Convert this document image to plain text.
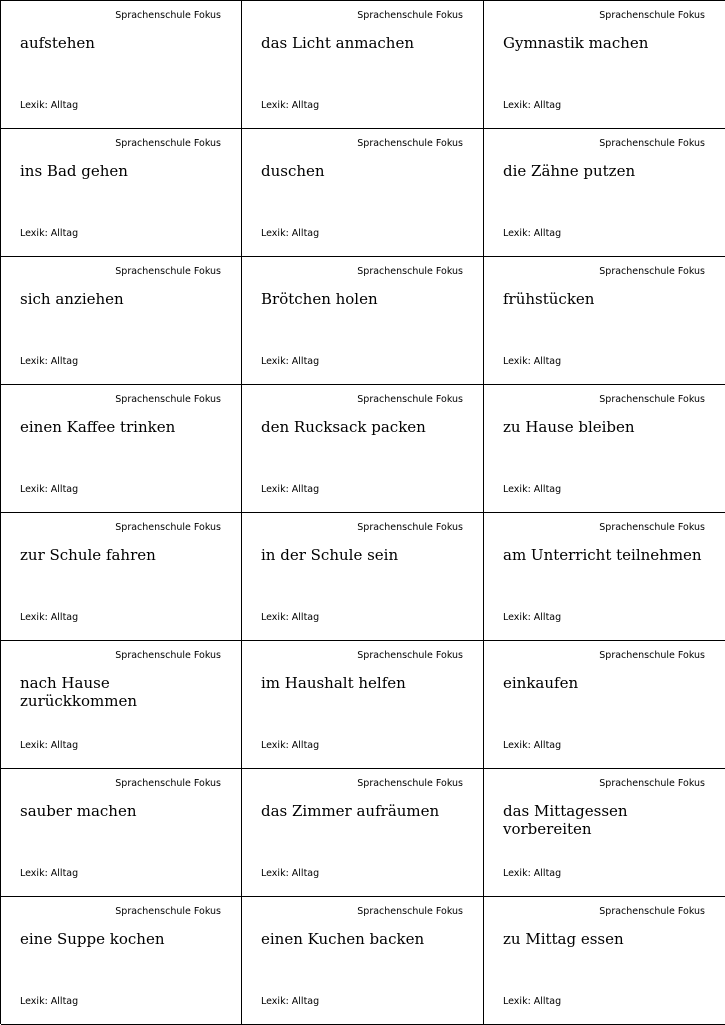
Sprachenschule Fokus
aufstehen
Lexik: Alltag
Sprachenschule Fokus
das Licht anmachen
Lexik: Alltag
Sprachenschule Fokus
Gymnastik machen
Lexik: Alltag
Sprachenschule Fokus
ins Bad gehen
Lexik: Alltag
Sprachenschule Fokus
duschen
Lexik: Alltag
Sprachenschule Fokus
die Zähne putzen
Lexik: Alltag
Sprachenschule Fokus
sich anziehen
Lexik: Alltag
Sprachenschule Fokus
Brötchen holen
Lexik: Alltag
Sprachenschule Fokus
frühstücken
Lexik: Alltag
Sprachenschule Fokus
einen Kaffee trinken
Lexik: Alltag
Sprachenschule Fokus
den Rucksack packen
Lexik: Alltag
Sprachenschule Fokus
zu Hause bleiben
Lexik: Alltag
Sprachenschule Fokus
zur Schule fahren
Lexik: Alltag
Sprachenschule Fokus
in der Schule sein
Lexik: Alltag
Sprachenschule Fokus
am Unterricht teilnehmen
Lexik: Alltag
Sprachenschule Fokus
nach Hause zurückkommen
Lexik: Alltag
Sprachenschule Fokus
im Haushalt helfen
Lexik: Alltag
Sprachenschule Fokus
einkaufen
Lexik: Alltag
Sprachenschule Fokus
sauber machen
Lexik: Alltag
Sprachenschule Fokus
das Zimmer aufräumen
Lexik: Alltag
Sprachenschule Fokus
das Mittagessen vorbereiten
Lexik: Alltag
Sprachenschule Fokus
eine Suppe kochen
Lexik: Alltag
Sprachenschule Fokus
einen Kuchen backen
Lexik: Alltag
Sprachenschule Fokus
zu Mittag essen
Lexik: Alltag
